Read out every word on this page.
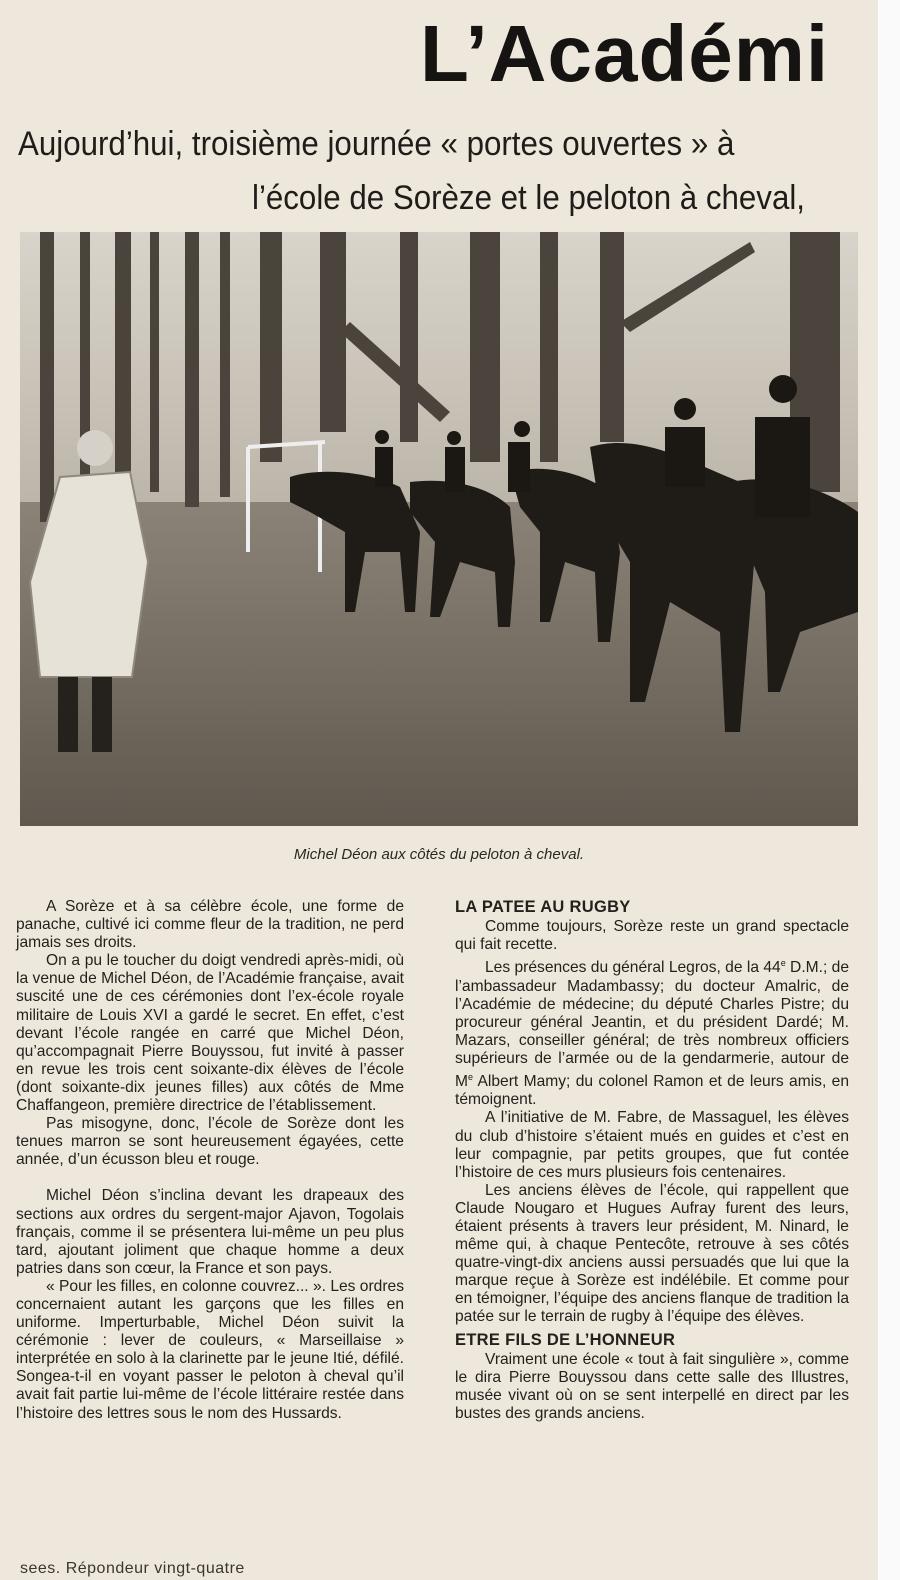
L’Académi
Aujourd’hui, troisième journée « portes ouvertes » à
l’école de Sorèze et le peloton à cheval,
Michel Déon aux côtés du peloton à cheval.

A Sorèze et à sa célèbre école, une forme de panache, cultivé ici comme fleur de la tradition, ne perd jamais ses droits.

On a pu le toucher du doigt vendredi après-midi, où la venue de Michel Déon, de l’Académie française, avait suscité une de ces cérémonies dont l’ex-école royale militaire de Louis XVI a gardé le secret. En effet, c’est devant l’école rangée en carré que Michel Déon, qu’accompagnait Pierre Bouyssou, fut invité à passer en revue les trois cent soixante-dix élèves de l’école (dont soixante-dix jeunes filles) aux côtés de Mme Chaffangeon, première directrice de l’établissement.

Pas misogyne, donc, l’école de Sorèze dont les tenues marron se sont heureusement égayées, cette année, d’un écusson bleu et rouge.

Michel Déon s’inclina devant les drapeaux des sections aux ordres du sergent-major Ajavon, Togolais français, comme il se présentera lui-même un peu plus tard, ajoutant joliment que chaque homme a deux patries dans son cœur, la France et son pays.

« Pour les filles, en colonne couvrez... ». Les ordres concernaient autant les garçons que les filles en uniforme. Imperturbable, Michel Déon suivit la cérémonie : lever de couleurs, « Marseillaise » interprétée en solo à la clarinette par le jeune Itié, défilé. Songea-t-il en voyant passer le peloton à cheval qu’il avait fait partie lui-même de l’école littéraire restée dans l’histoire des lettres sous le nom des Hussards.

LA PATEE AU RUGBY

Comme toujours, Sorèze reste un grand spectacle qui fait recette.

Les présences du général Legros, de la 44e D.M.; de l’ambassadeur Madambassy; du docteur Amalric, de l’Académie de médecine; du député Charles Pistre; du procureur général Jeantin, et du président Dardé; M. Mazars, conseiller général; de très nombreux officiers supérieurs de l’armée ou de la gendarmerie, autour de Me Albert Mamy; du colonel Ramon et de leurs amis, en témoignent.

A l’initiative de M. Fabre, de Massaguel, les élèves du club d’histoire s’étaient mués en guides et c’est en leur compagnie, par petits groupes, que fut contée l’histoire de ces murs plusieurs fois centenaires.

Les anciens élèves de l’école, qui rappellent que Claude Nougaro et Hugues Aufray furent des leurs, étaient présents à travers leur président, M. Ninard, le même qui, à chaque Pentecôte, retrouve à ses côtés quatre-vingt-dix anciens aussi persuadés que lui que la marque reçue à Sorèze est indélébile. Et comme pour en témoigner, l’équipe des anciens flanque de tradition la patée sur le terrain de rugby à l’équipe des élèves.

ETRE FILS DE L’HONNEUR

Vraiment une école « tout à fait singulière », comme le dira Pierre Bouyssou dans cette salle des Illustres, musée vivant où on se sent interpellé en direct par les bustes des grands anciens.

sees. Répondeur vingt-quatre
